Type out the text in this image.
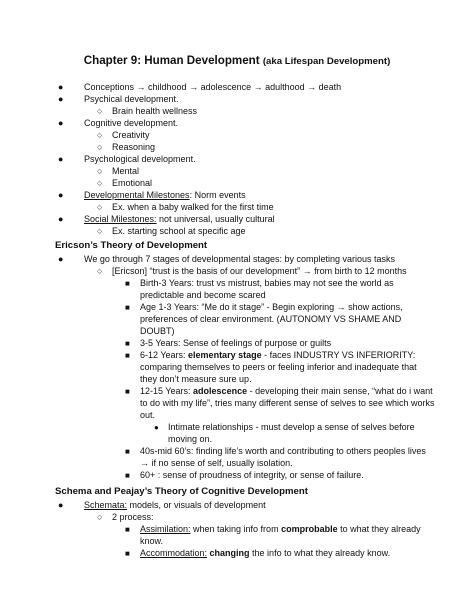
Chapter 9: Human Development (aka Lifespan Development)
● Conceptions → childhood → adolescence → adulthood → death
● Psychical development.
○ Brain health wellness
● Cognitive development.
○ Creativity
○ Reasoning
● Psychological development.
○ Mental
○ Emotional
● Developmental Milestones: Norm events
○ Ex. when a baby walked for the first time
● Social Milestones: not universal, usually cultural
○ Ex. starting school at specific age
Ericson’s Theory of Development
● We go through 7 stages of developmental stages: by completing various tasks
○ [Ericson] “trust is the basis of our development” → from birth to 12 months
■ Birth-3 Years: trust vs mistrust, babies may not see the world as
predictable and become scared
■ Age 1-3 Years: “Me do it stage” - Begin exploring → show actions,
preferences of clear environment. (AUTONOMY VS SHAME AND
DOUBT)
■ 3-5 Years: Sense of feelings of purpose or guilts
■ 6-12 Years: elementary stage - faces INDUSTRY VS INFERIORITY:
comparing themselves to peers or feeling inferior and inadequate that
they don’t measure sure up.
■ 12-15 Years: adolescence - developing their main sense, “what do i want
to do with my life”, tries many different sense of selves to see which works
out.
● Intimate relationships - must develop a sense of selves before
moving on.
■ 40s-mid 60’s: finding life’s worth and contributing to others peoples lives
→ if no sense of self, usually isolation.
■ 60+ : sense of proudness of integrity, or sense of failure.
Schema and Peajay’s Theory of Cognitive Development
● Schemata: models, or visuals of development
○ 2 process:
■ Assimilation: when taking info from comprobable to what they already
know.
■ Accommodation: changing the info to what they already know.
